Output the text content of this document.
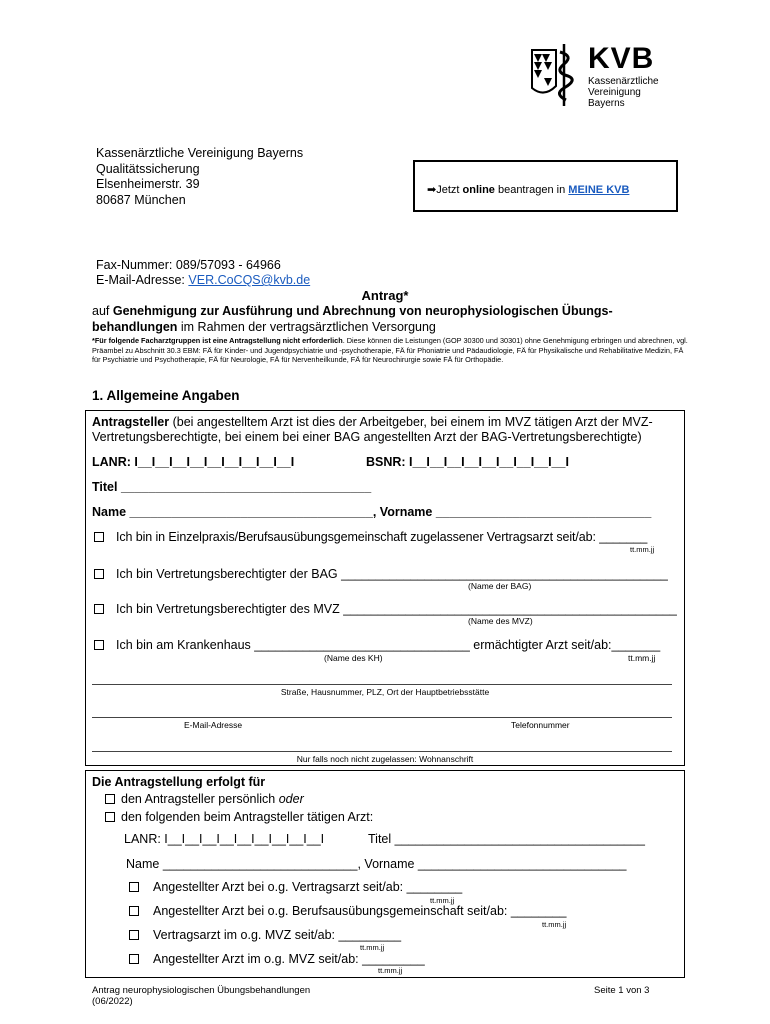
KVB
Kassenärztliche
Vereinigung
Bayerns
Kassenärztliche Vereinigung Bayerns
Qualitätssicherung
Elsenheimerstr. 39
80687 München
➡Jetzt online beantragen in MEINE KVB
Fax-Nummer: 089/57093 - 64966
E-Mail-Adresse: VER.CoCQS@kvb.de
Antrag*
auf Genehmigung zur Ausführung und Abrechnung von neurophysiologischen Übungs-
behandlungen im Rahmen der vertragsärztlichen Versorgung
*Für folgende Facharztgruppen ist eine Antragstellung nicht erforderlich. Diese können die Leistungen (GOP 30300 und 30301) ohne Genehmigung erbringen und abrechnen, vgl. Präambel zu Abschnitt 30.3 EBM: FÄ für Kinder- und Jugendpsychiatrie und -psychotherapie, FÄ für Phoniatrie und Pädaudiologie, FÄ für Physikalische und Rehabilitative Medizin, FÄ für Psychiatrie und Psychotherapie, FÄ für Neurologie, FÄ für Nervenheilkunde, FÄ für Neurochirurgie sowie FÄ für Orthopädie.
1. Allgemeine Angaben
Antragsteller (bei angestelltem Arzt ist dies der Arbeitgeber, bei einem im MVZ tätigen Arzt der MVZ-
Vertretungsberechtigte, bei einem bei einer BAG angestellten Arzt der BAG-Vertretungsberechtigte)
LANR: I__I__I__I__I__I__I__I__I__I	BSNR: I__I__I__I__I__I__I__I__I__I
Titel ____________________________________
Name ___________________________________, Vorname _______________________________
Ich bin in Einzelpraxis/Berufsausübungsgemeinschaft zugelassener Vertragsarzt seit/ab: _______
tt.mm.jj
Ich bin Vertretungsberechtigter der BAG _______________________________________________
(Name der BAG)
Ich bin Vertretungsberechtigter des MVZ ________________________________________________
(Name des MVZ)
Ich bin am Krankenhaus _______________________________ ermächtigter Arzt seit/ab:_______
(Name des KH)	tt.mm.jj
Straße, Hausnummer, PLZ, Ort der Hauptbetriebsstätte
E-Mail-Adresse	Telefonnummer
Nur falls noch nicht zugelassen: Wohnanschrift
Die Antragstellung erfolgt für
den Antragsteller persönlich oder
den folgenden beim Antragsteller tätigen Arzt:
LANR: I__I__I__I__I__I__I__I__I__I	Titel ____________________________________
Name ____________________________, Vorname ______________________________
Angestellter Arzt bei o.g. Vertragsarzt seit/ab: ________
tt.mm.jj
Angestellter Arzt bei o.g. Berufsausübungsgemeinschaft seit/ab: ________
tt.mm.jj
Vertragsarzt im o.g. MVZ seit/ab: _________
tt.mm.jj
Angestellter Arzt im o.g. MVZ seit/ab: _________
tt.mm.jj
Antrag neurophysiologischen Übungsbehandlungen
(06/2022)
Seite 1 von 3
